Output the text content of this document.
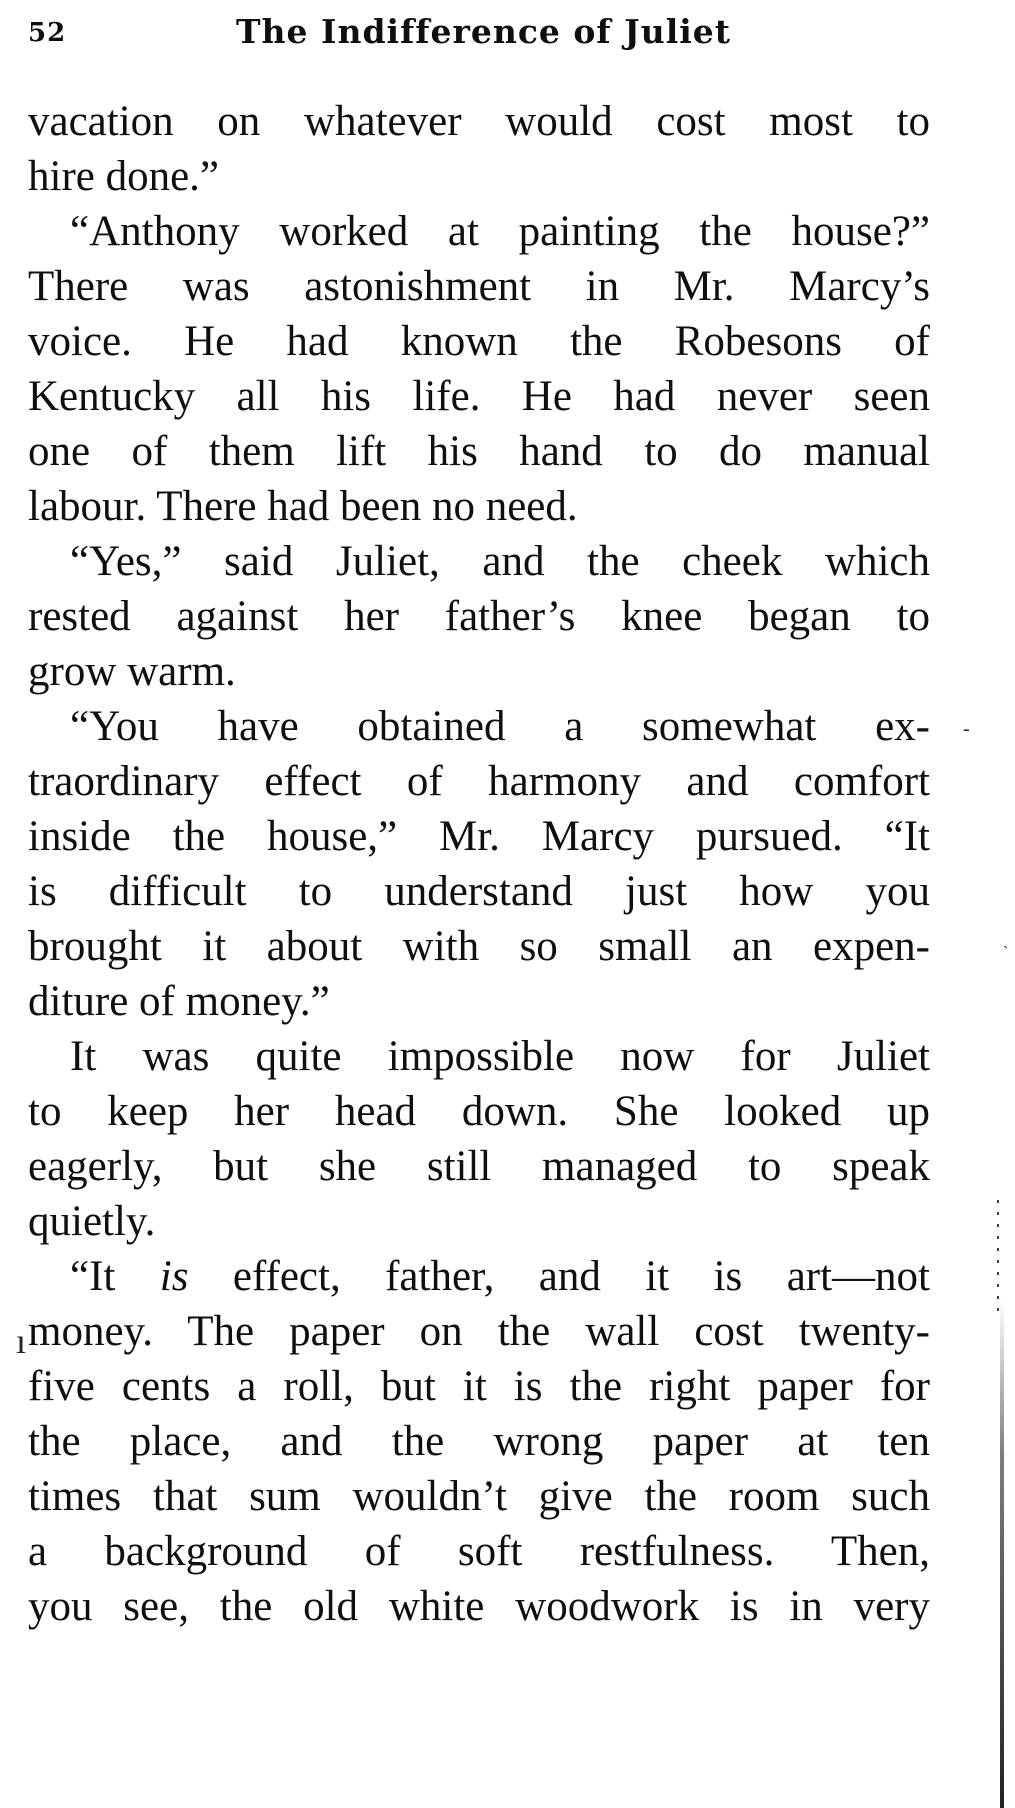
52	The Indifference of Juliet
vacation on whatever would cost most to
hire done.”
“Anthony worked at painting the house?”
There was astonishment in Mr. Marcy’s
voice. He had known the Robesons of
Kentucky all his life. He had never seen
one of them lift his hand to do manual
labour. There had been no need.
“Yes,” said Juliet, and the cheek which
rested against her father’s knee began to
grow warm.
“You have obtained a somewhat ex-
traordinary effect of harmony and comfort
inside the house,” Mr. Marcy pursued. “It
is difficult to understand just how you
brought it about with so small an expen-
diture of money.”
It was quite impossible now for Juliet
to keep her head down. She looked up
eagerly, but she still managed to speak
quietly.
“It is effect, father, and it is art—not
money. The paper on the wall cost twenty-
five cents a roll, but it is the right paper for
the place, and the wrong paper at ten
times that sum wouldn’t give the room such
a background of soft restfulness. Then,
you see, the old white woodwork is in very
-
ˋ
ı
